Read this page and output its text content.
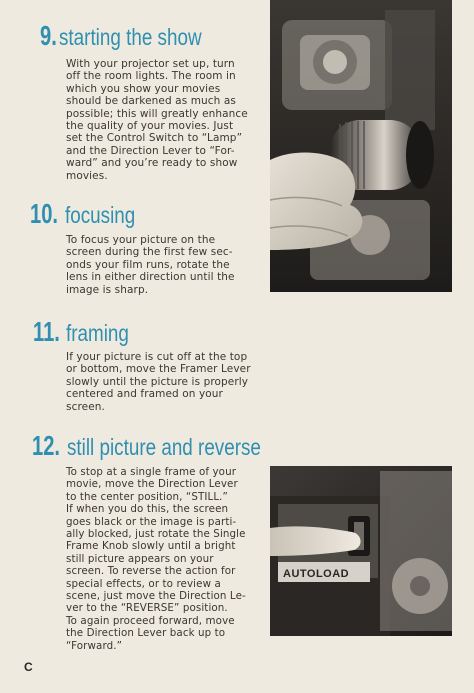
9. starting the show
With your projector set up, turn
off the room lights. The room in
which you show your movies
should be darkened as much as
possible; this will greatly enhance
the quality of your movies. Just
set the Control Switch to “Lamp”
and the Direction Lever to “For-
ward” and you’re ready to show
movies.
10. focusing
To focus your picture on the
screen during the first few sec-
onds your film runs, rotate the
lens in either direction until the
image is sharp.
11. framing
If your picture is cut off at the top
or bottom, move the Framer Lever
slowly until the picture is properly
centered and framed on your
screen.
12. still picture and reverse
To stop at a single frame of your
movie, move the Direction Lever
to the center position, “STILL.”
If when you do this, the screen
goes black or the image is parti-
ally blocked, just rotate the Single
Frame Knob slowly until a bright
still picture appears on your
screen. To reverse the action for
special effects, or to review a
scene, just move the Direction Le-
ver to the “REVERSE” position.
To again proceed forward, move
the Direction Lever back up to
“Forward.”
AUTOLOAD
C
